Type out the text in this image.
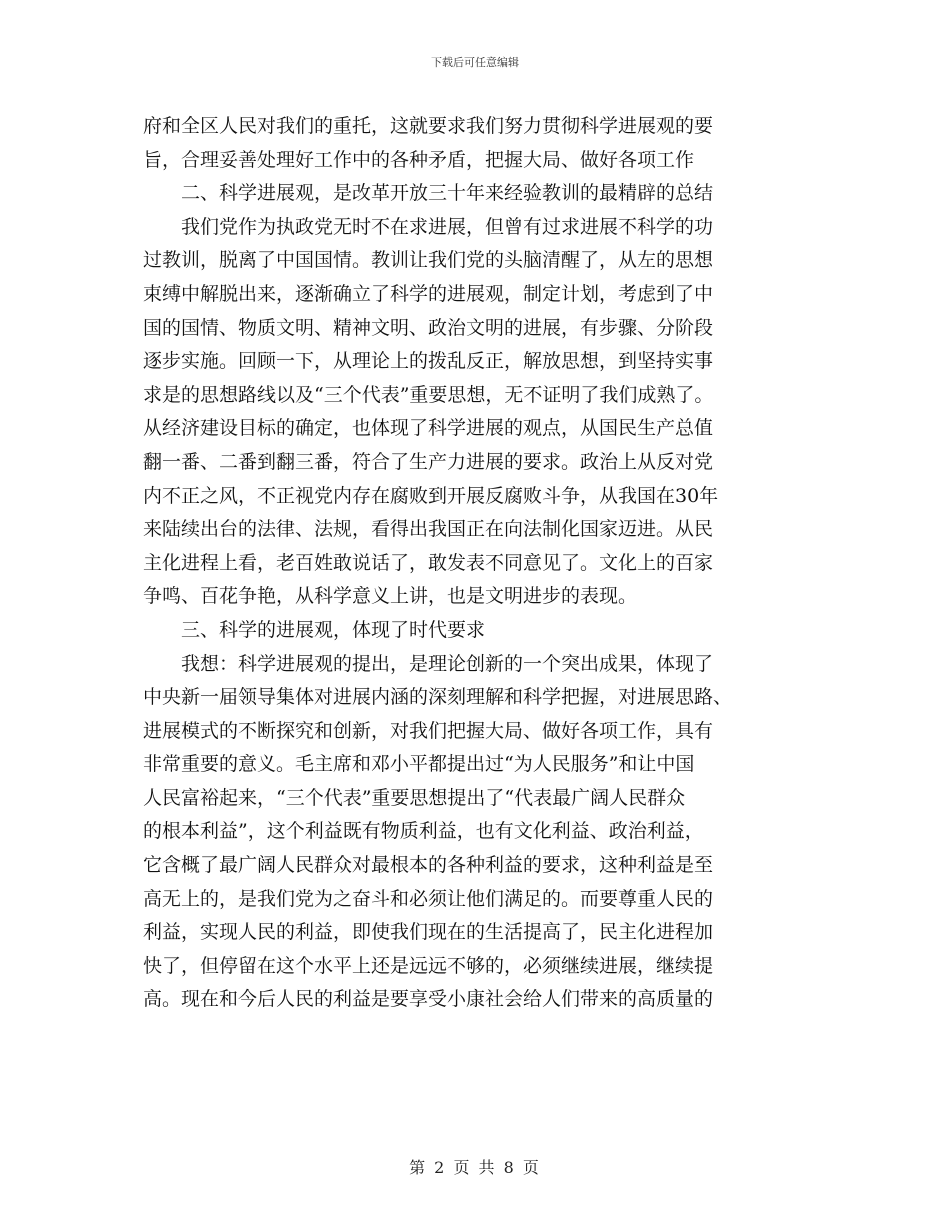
下载后可任意编辑
府和全区人民对我们的重托，这就要求我们努力贯彻科学进展观的要
旨，合理妥善处理好工作中的各种矛盾，把握大局、做好各项工作
　　二、科学进展观，是改革开放三十年来经验教训的最精辟的总结
　　我们党作为执政党无时不在求进展，但曾有过求进展不科学的功
过教训，脱离了中国国情。教训让我们党的头脑清醒了，从左的思想
束缚中解脱出来，逐渐确立了科学的进展观，制定计划，考虑到了中
国的国情、物质文明、精神文明、政治文明的进展，有步骤、分阶段
逐步实施。回顾一下，从理论上的拨乱反正，解放思想，到坚持实事
求是的思想路线以及“三个代表”重要思想，无不证明了我们成熟了。
从经济建设目标的确定，也体现了科学进展的观点，从国民生产总值
翻一番、二番到翻三番，符合了生产力进展的要求。政治上从反对党
内不正之风，不正视党内存在腐败到开展反腐败斗争，从我国在30年
来陆续出台的法律、法规，看得出我国正在向法制化国家迈进。从民
主化进程上看，老百姓敢说话了，敢发表不同意见了。文化上的百家
争鸣、百花争艳，从科学意义上讲，也是文明进步的表现。
　　三、科学的进展观，体现了时代要求
　　我想：科学进展观的提出，是理论创新的一个突出成果，体现了
中央新一届领导集体对进展内涵的深刻理解和科学把握，对进展思路、
进展模式的不断探究和创新，对我们把握大局、做好各项工作，具有
非常重要的意义。毛主席和邓小平都提出过“为人民服务”和让中国
人民富裕起来，“三个代表”重要思想提出了“代表最广阔人民群众
的根本利益”，这个利益既有物质利益，也有文化利益、政治利益，
它含概了最广阔人民群众对最根本的各种利益的要求，这种利益是至
高无上的，是我们党为之奋斗和必须让他们满足的。而要尊重人民的
利益，实现人民的利益，即使我们现在的生活提高了，民主化进程加
快了，但停留在这个水平上还是远远不够的，必须继续进展，继续提
高。现在和今后人民的利益是要享受小康社会给人们带来的高质量的
第 2 页 共 8 页
